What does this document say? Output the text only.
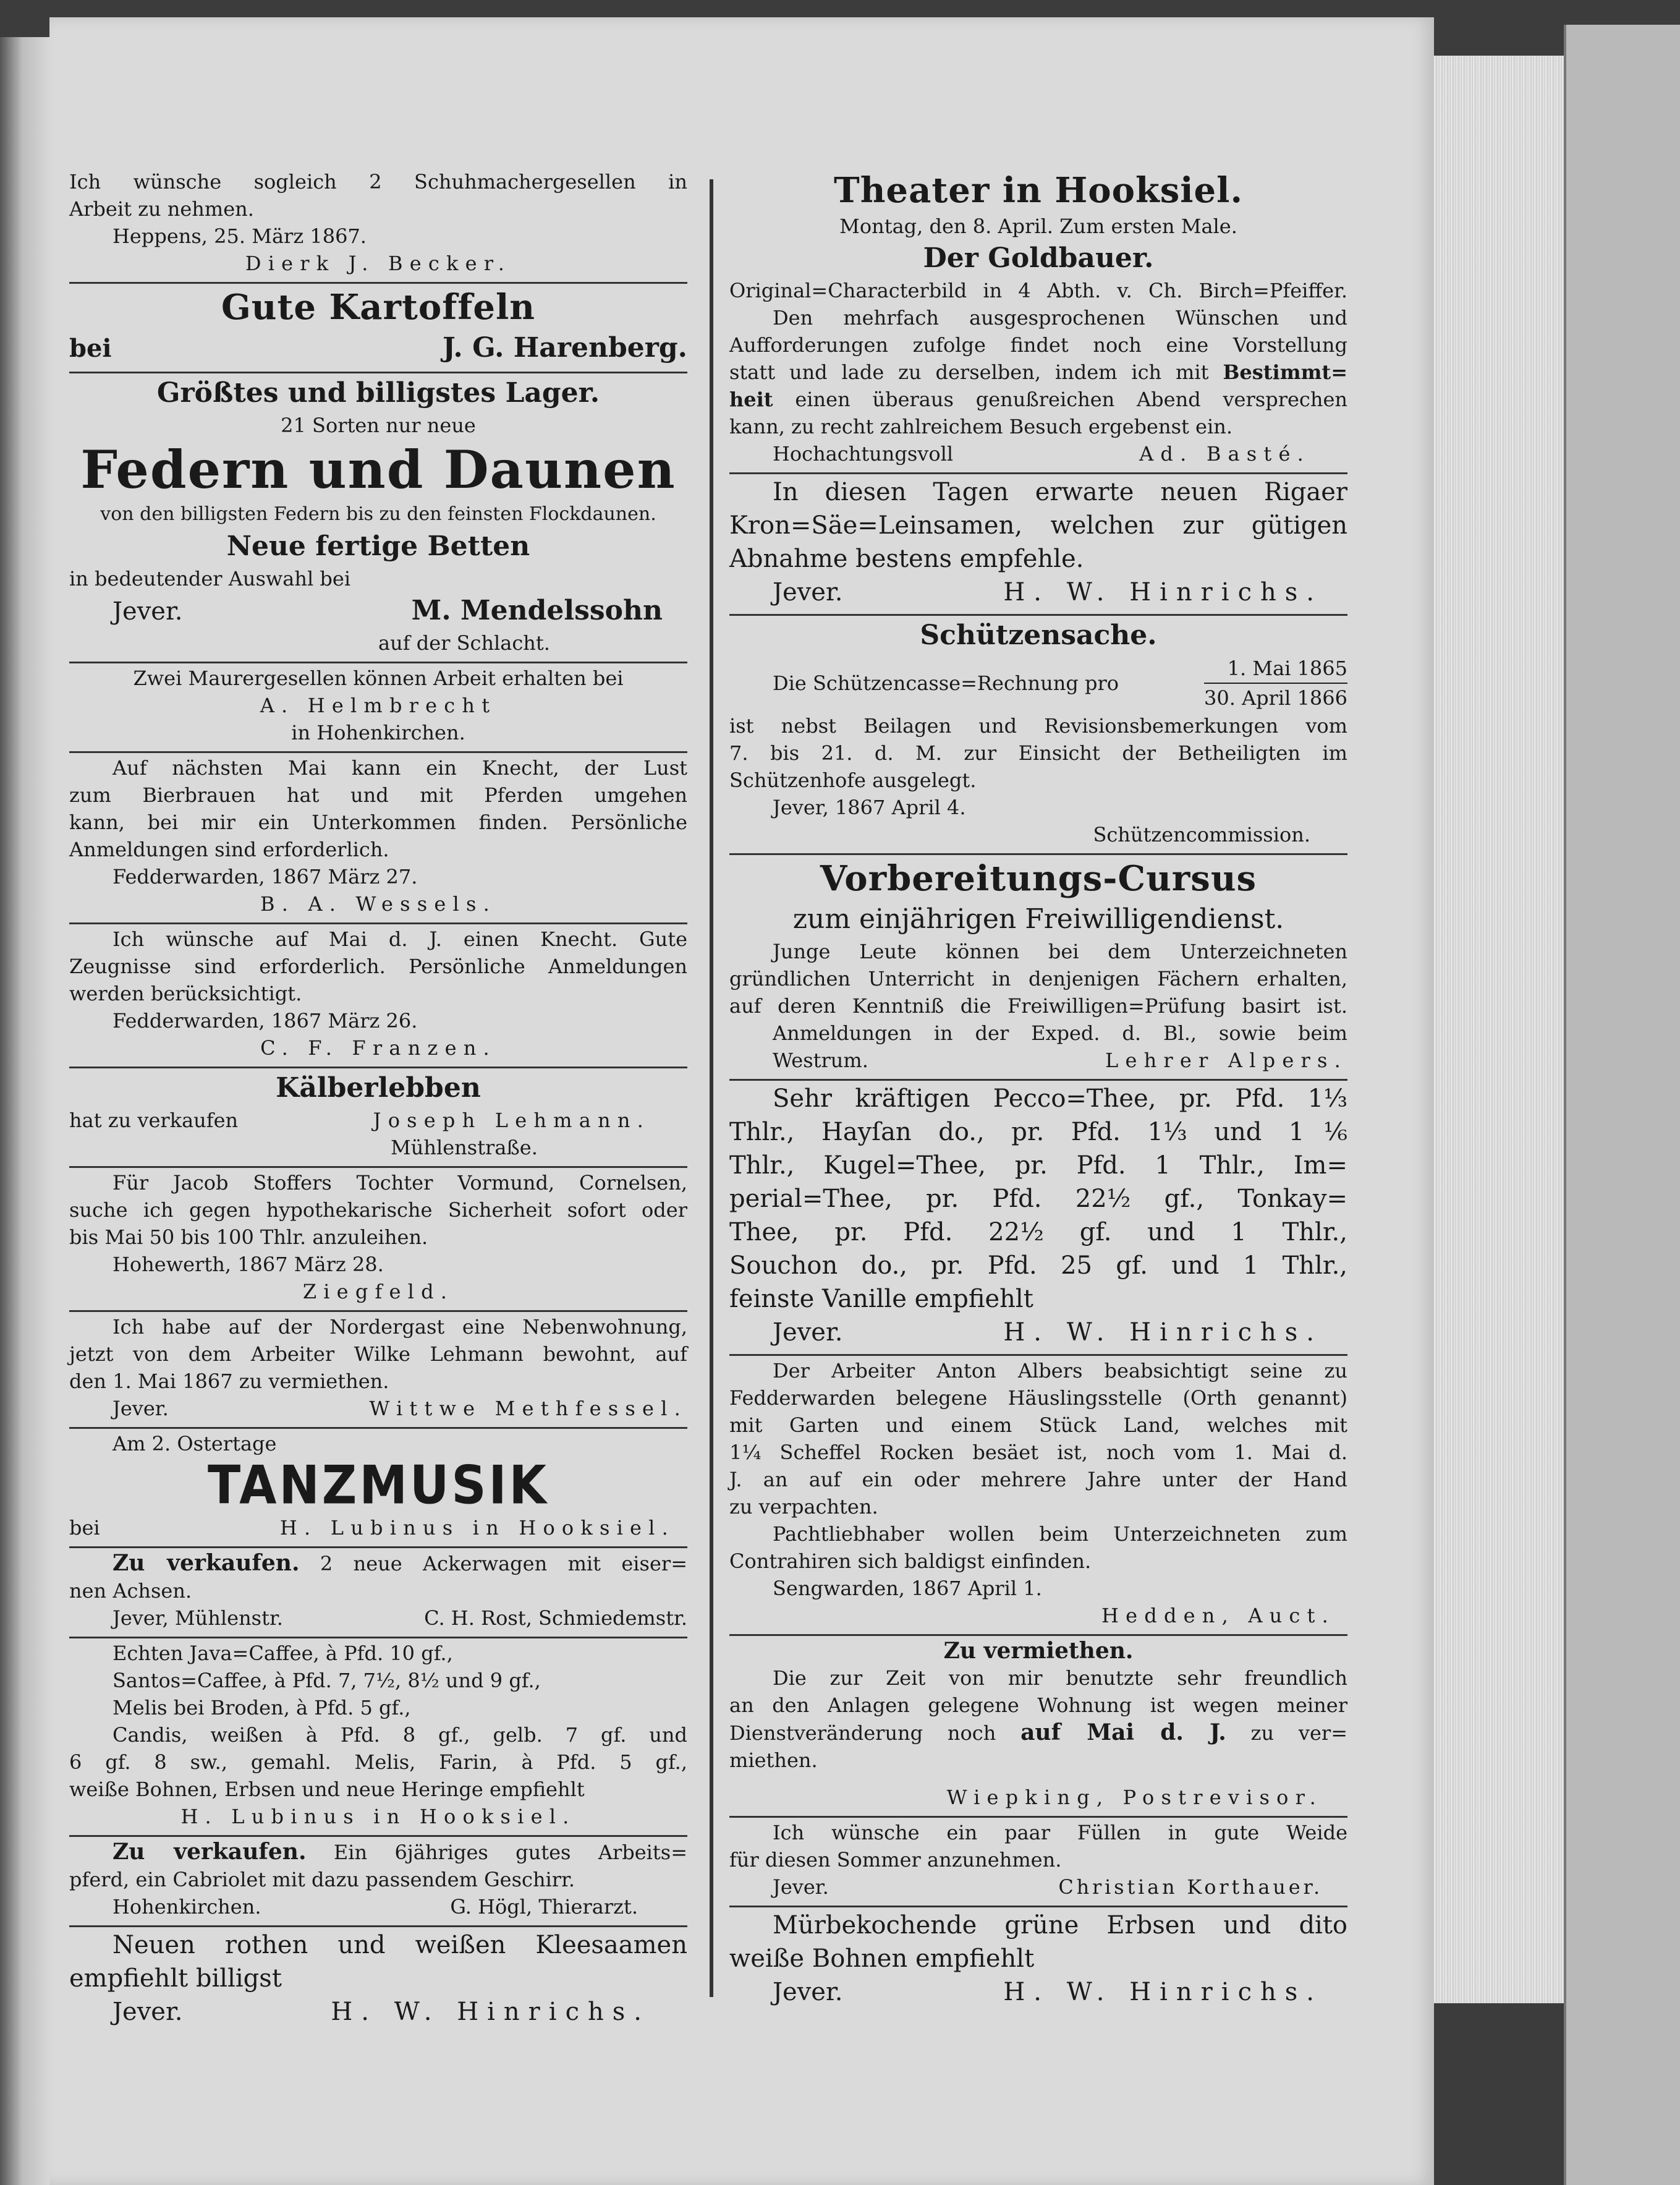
Ich wünsche sogleich 2 Schuhmachergesellen in

Arbeit zu nehmen.

Heppens, 25. März 1867.

Dierk J. Becker.

Gute Kartoffeln

bei	J. G. Harenberg.

Größtes und billigstes Lager.

21 Sorten nur neue

Federn und Daunen

von den billigsten Federn bis zu den feinsten Flockdaunen.

Neue fertige Betten

in bedeutender Auswahl bei

Jever.	M. Mendelssohn

auf der Schlacht.

Zwei Maurergesellen können Arbeit erhalten bei

A. Helmbrecht

in Hohenkirchen.

Auf nächsten Mai kann ein Knecht, der Lust

zum Bierbrauen hat und mit Pferden umgehen

kann, bei mir ein Unterkommen finden. Persönliche

Anmeldungen sind erforderlich.

Fedderwarden, 1867 März 27.

B. A. Wessels.

Ich wünsche auf Mai d. J. einen Knecht. Gute

Zeugnisse sind erforderlich. Persönliche Anmeldungen

werden berücksichtigt.

Fedderwarden, 1867 März 26.

C. F. Franzen.

Kälberlebben

hat zu verkaufen	Joseph Lehmann.

Mühlenstraße.

Für Jacob Stoffers Tochter Vormund, Cornelsen,

suche ich gegen hypothekarische Sicherheit sofort oder

bis Mai 50 bis 100 Thlr. anzuleihen.

Hohewerth, 1867 März 28.

Ziegfeld.

Ich habe auf der Nordergast eine Nebenwohnung,

jetzt von dem Arbeiter Wilke Lehmann bewohnt, auf

den 1. Mai 1867 zu vermiethen.

Jever.	Wittwe Methfessel.

Am 2. Ostertage

TANZMUSIK

bei	H. Lubinus in Hooksiel.

Zu verkaufen. 2 neue Ackerwagen mit eiser=

nen Achsen.

Jever, Mühlenstr.	C. H. Rost, Schmiedemstr.

Echten Java=Caffee, à Pfd. 10 gf.,

Santos=Caffee, à Pfd. 7, 7½, 8½ und 9 gf.,

Melis bei Broden, à Pfd. 5 gf.,

Candis, weißen à Pfd. 8 gf., gelb. 7 gf. und

6 gf. 8 sw., gemahl. Melis, Farin, à Pfd. 5 gf.,

weiße Bohnen, Erbsen und neue Heringe empfiehlt

H. Lubinus in Hooksiel.

Zu verkaufen. Ein 6jähriges gutes Arbeits=

pferd, ein Cabriolet mit dazu passendem Geschirr.

Hohenkirchen.	G. Högl, Thierarzt.

Neuen rothen und weißen Kleesaamen

empfiehlt billigst

Jever.	H. W. Hinrichs.

Theater in Hooksiel.

Montag, den 8. April. Zum ersten Male.

Der Goldbauer.

Original=Characterbild in 4 Abth. v. Ch. Birch=Pfeiffer.

Den mehrfach ausgesprochenen Wünschen und

Aufforderungen zufolge findet noch eine Vorstellung

statt und lade zu derselben, indem ich mit Bestimmt=

heit einen überaus genußreichen Abend versprechen

kann, zu recht zahlreichem Besuch ergebenst ein.

Hochachtungsvoll	Ad. Basté.

In diesen Tagen erwarte neuen Rigaer

Kron=Säe=Leinsamen, welchen zur gütigen

Abnahme bestens empfehle.

Jever.	H. W. Hinrichs.

Schützensache.

Die Schützencasse=Rechnung pro
1. Mai 1865
30. April 1866

ist nebst Beilagen und Revisionsbemerkungen vom

7. bis 21. d. M. zur Einsicht der Betheiligten im

Schützenhofe ausgelegt.

Jever, 1867 April 4.

Schützencommission.

Vorbereitungs-Cursus

zum einjährigen Freiwilligendienst.

Junge Leute können bei dem Unterzeichneten

gründlichen Unterricht in denjenigen Fächern erhalten,

auf deren Kenntniß die Freiwilligen=Prüfung basirt ist.

Anmeldungen in der Exped. d. Bl., sowie beim

Westrum.	Lehrer Alpers.

Sehr kräftigen Pecco=Thee, pr. Pfd. 1⅓

Thlr., Hayſan do., pr. Pfd. 1⅓ und 1⅙

Thlr., Kugel=Thee, pr. Pfd. 1 Thlr., Im=

perial=Thee, pr. Pfd. 22½ gf., Tonkay=

Thee, pr. Pfd. 22½ gf. und 1 Thlr.,

Souchon do., pr. Pfd. 25 gf. und 1 Thlr.,

feinste Vanille empfiehlt

Jever.	H. W. Hinrichs.

Der Arbeiter Anton Albers beabsichtigt seine zu

Fedderwarden belegene Häuslingsstelle (Orth genannt)

mit Garten und einem Stück Land, welches mit

1¼ Scheffel Rocken besäet ist, noch vom 1. Mai d.

J. an auf ein oder mehrere Jahre unter der Hand

zu verpachten.

Pachtliebhaber wollen beim Unterzeichneten zum

Contrahiren sich baldigst einfinden.

Sengwarden, 1867 April 1.

Hedden, Auct.

Zu vermiethen.

Die zur Zeit von mir benutzte sehr freundlich

an den Anlagen gelegene Wohnung ist wegen meiner

Dienstveränderung noch auf Mai d. J. zu ver=

miethen.

Wiepking, Postrevisor.

Ich wünsche ein paar Füllen in gute Weide

für diesen Sommer anzunehmen.

Jever.	Christian Korthauer.

Mürbekochende grüne Erbsen und dito

weiße Bohnen empfiehlt

Jever.	H. W. Hinrichs.
